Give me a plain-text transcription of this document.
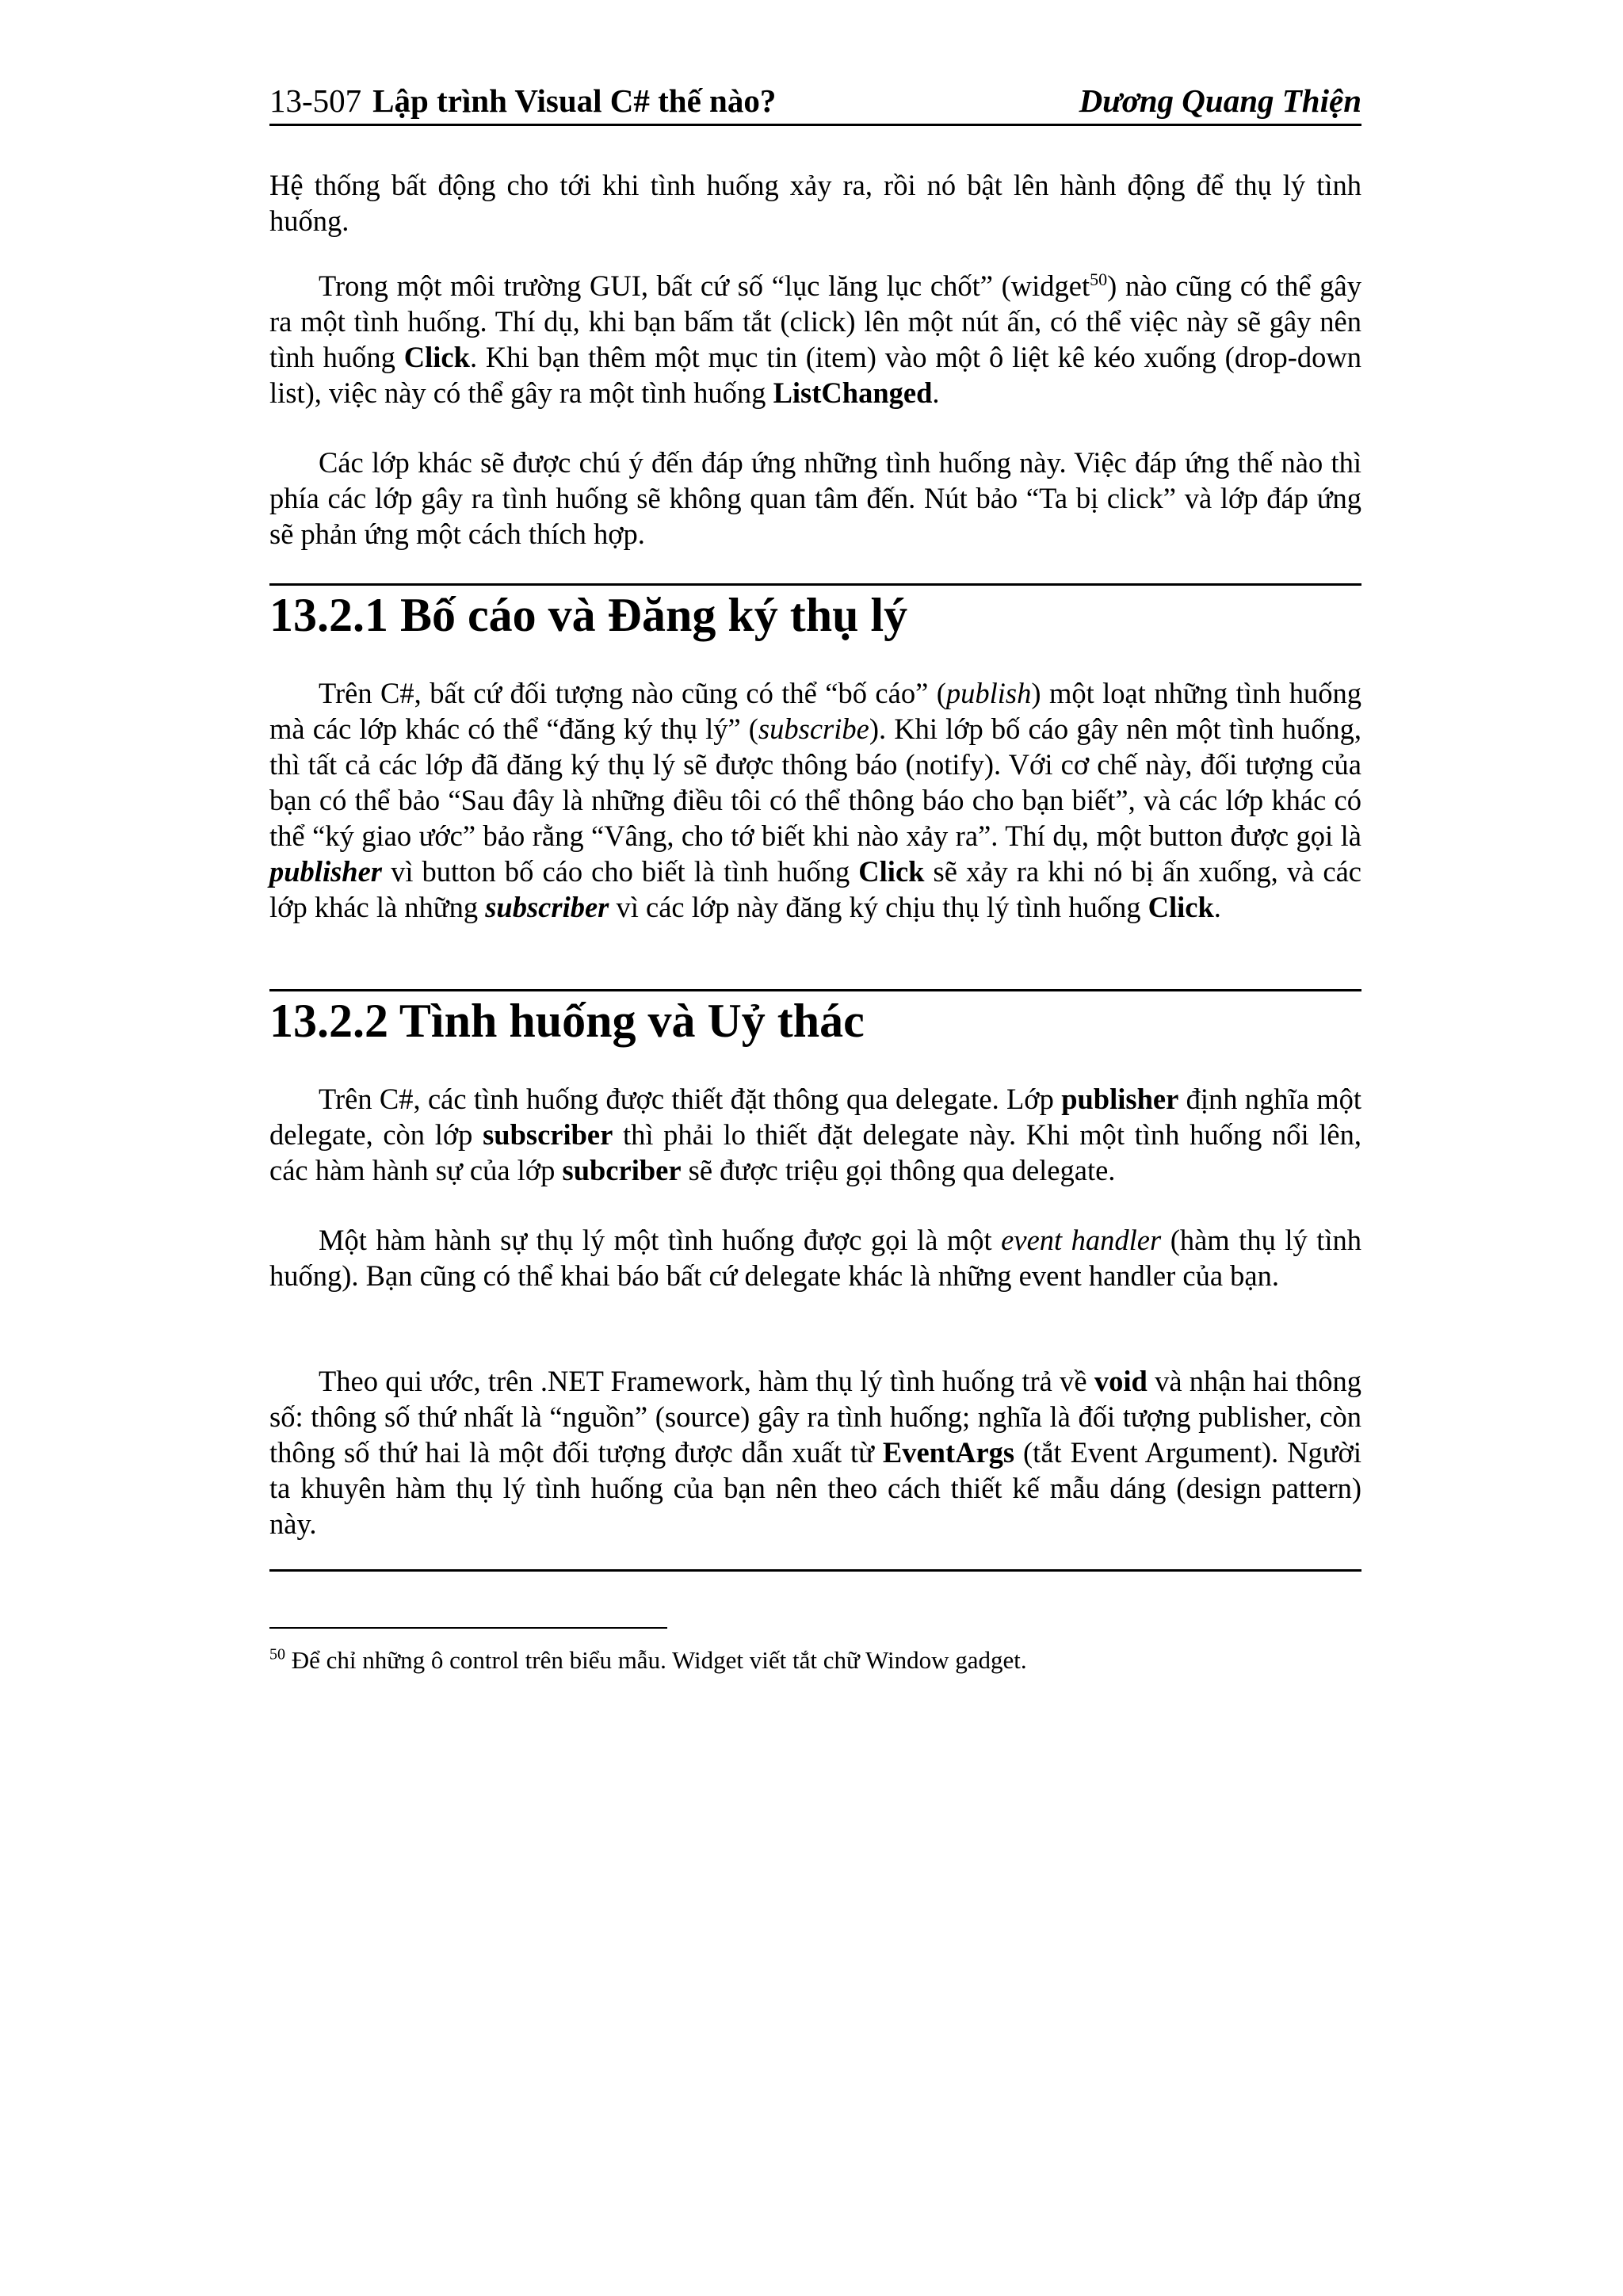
13-507 Lập trình Visual C# thế nào?	Dương Quang Thiện

Hệ thống bất động cho tới khi tình huống xảy ra, rồi nó bật lên hành động để thụ lý tình huống.

Trong một môi trường GUI, bất cứ số “lục lăng lục chốt” (widget$^{50}$) nào cũng có thể gây ra một tình huống. Thí dụ, khi bạn bấm tắt (click) lên một nút ấn, có thể việc này sẽ gây nên tình huống Click. Khi bạn thêm một mục tin (item) vào một ô liệt kê kéo xuống (drop-down list), việc này có thể gây ra một tình huống ListChanged.

Các lớp khác sẽ được chú ý đến đáp ứng những tình huống này. Việc đáp ứng thế nào thì phía các lớp gây ra tình huống sẽ không quan tâm đến. Nút bảo “Ta bị click” và lớp đáp ứng sẽ phản ứng một cách thích hợp.

13.2.1 Bố cáo và Đăng ký thụ lý

Trên C#, bất cứ đối tượng nào cũng có thể “bố cáo” (publish) một loạt những tình huống mà các lớp khác có thể “đăng ký thụ lý” (subscribe). Khi lớp bố cáo gây nên một tình huống, thì tất cả các lớp đã đăng ký thụ lý sẽ được thông báo (notify). Với cơ chế này, đối tượng của bạn có thể bảo “Sau đây là những điều tôi có thể thông báo cho bạn biết”, và các lớp khác có thể “ký giao ước” bảo rằng “Vâng, cho tớ biết khi nào xảy ra”. Thí dụ, một button được gọi là publisher vì button bố cáo cho biết là tình huống Click sẽ xảy ra khi nó bị ấn xuống, và các lớp khác là những subscriber vì các lớp này đăng ký chịu thụ lý tình huống Click.

13.2.2 Tình huống và Uỷ thác

Trên C#, các tình huống được thiết đặt thông qua delegate. Lớp publisher định nghĩa một delegate, còn lớp subscriber thì phải lo thiết đặt delegate này. Khi một tình huống nổi lên, các hàm hành sự của lớp subcriber sẽ được triệu gọi thông qua delegate.

Một hàm hành sự thụ lý một tình huống được gọi là một event handler (hàm thụ lý tình huống). Bạn cũng có thể khai báo bất cứ delegate khác là những event handler của bạn.

Theo qui ước, trên .NET Framework, hàm thụ lý tình huống trả về void và nhận hai thông số: thông số thứ nhất là “nguồn” (source) gây ra tình huống; nghĩa là đối tượng publisher, còn thông số thứ hai là một đối tượng được dẫn xuất từ EventArgs (tắt Event Argument). Người ta khuyên hàm thụ lý tình huống của bạn nên theo cách thiết kế mẫu dáng (design pattern) này.

$^{50}$ Để chỉ những ô control trên biểu mẫu. Widget viết tắt chữ Window gadget.
